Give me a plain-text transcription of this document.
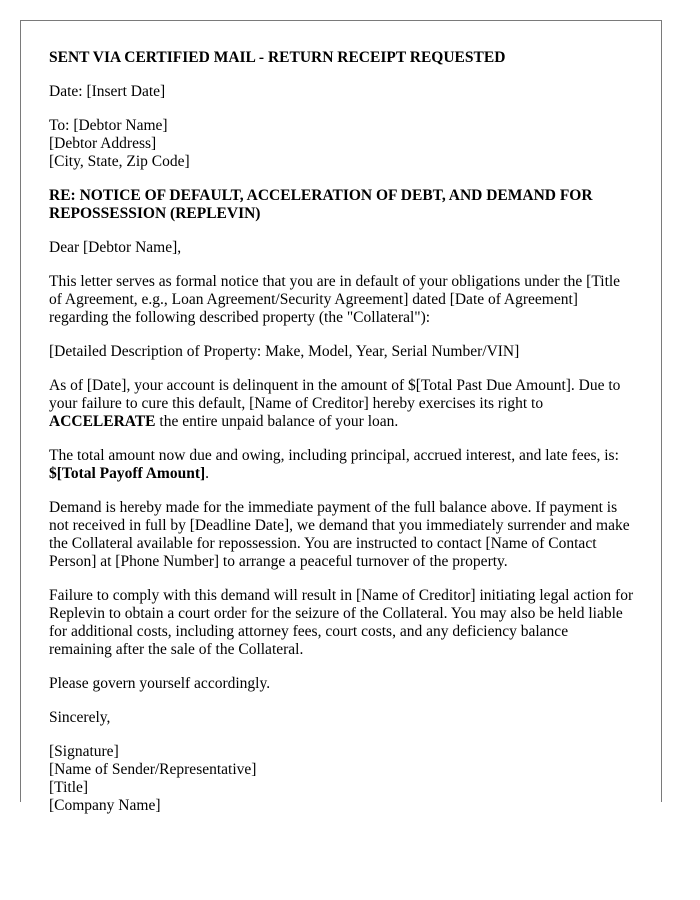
SENT VIA CERTIFIED MAIL - RETURN RECEIPT REQUESTED

Date: [Insert Date]

To: [Debtor Name]
[Debtor Address]
[City, State, Zip Code]

RE: NOTICE OF DEFAULT, ACCELERATION OF DEBT, AND DEMAND FOR REPOSSESSION (REPLEVIN)

Dear [Debtor Name],

This letter serves as formal notice that you are in default of your obligations under the [Title of Agreement, e.g., Loan Agreement/Security Agreement] dated [Date of Agreement] regarding the following described property (the "Collateral"):

[Detailed Description of Property: Make, Model, Year, Serial Number/VIN]

As of [Date], your account is delinquent in the amount of $[Total Past Due Amount]. Due to your failure to cure this default, [Name of Creditor] hereby exercises its right to ACCELERATE the entire unpaid balance of your loan.

The total amount now due and owing, including principal, accrued interest, and late fees, is: $[Total Payoff Amount].

Demand is hereby made for the immediate payment of the full balance above. If payment is not received in full by [Deadline Date], we demand that you immediately surrender and make the Collateral available for repossession. You are instructed to contact [Name of Contact Person] at [Phone Number] to arrange a peaceful turnover of the property.

Failure to comply with this demand will result in [Name of Creditor] initiating legal action for Replevin to obtain a court order for the seizure of the Collateral. You may also be held liable for additional costs, including attorney fees, court costs, and any deficiency balance remaining after the sale of the Collateral.

Please govern yourself accordingly.

Sincerely,

[Signature]
[Name of Sender/Representative]
[Title]
[Company Name]
